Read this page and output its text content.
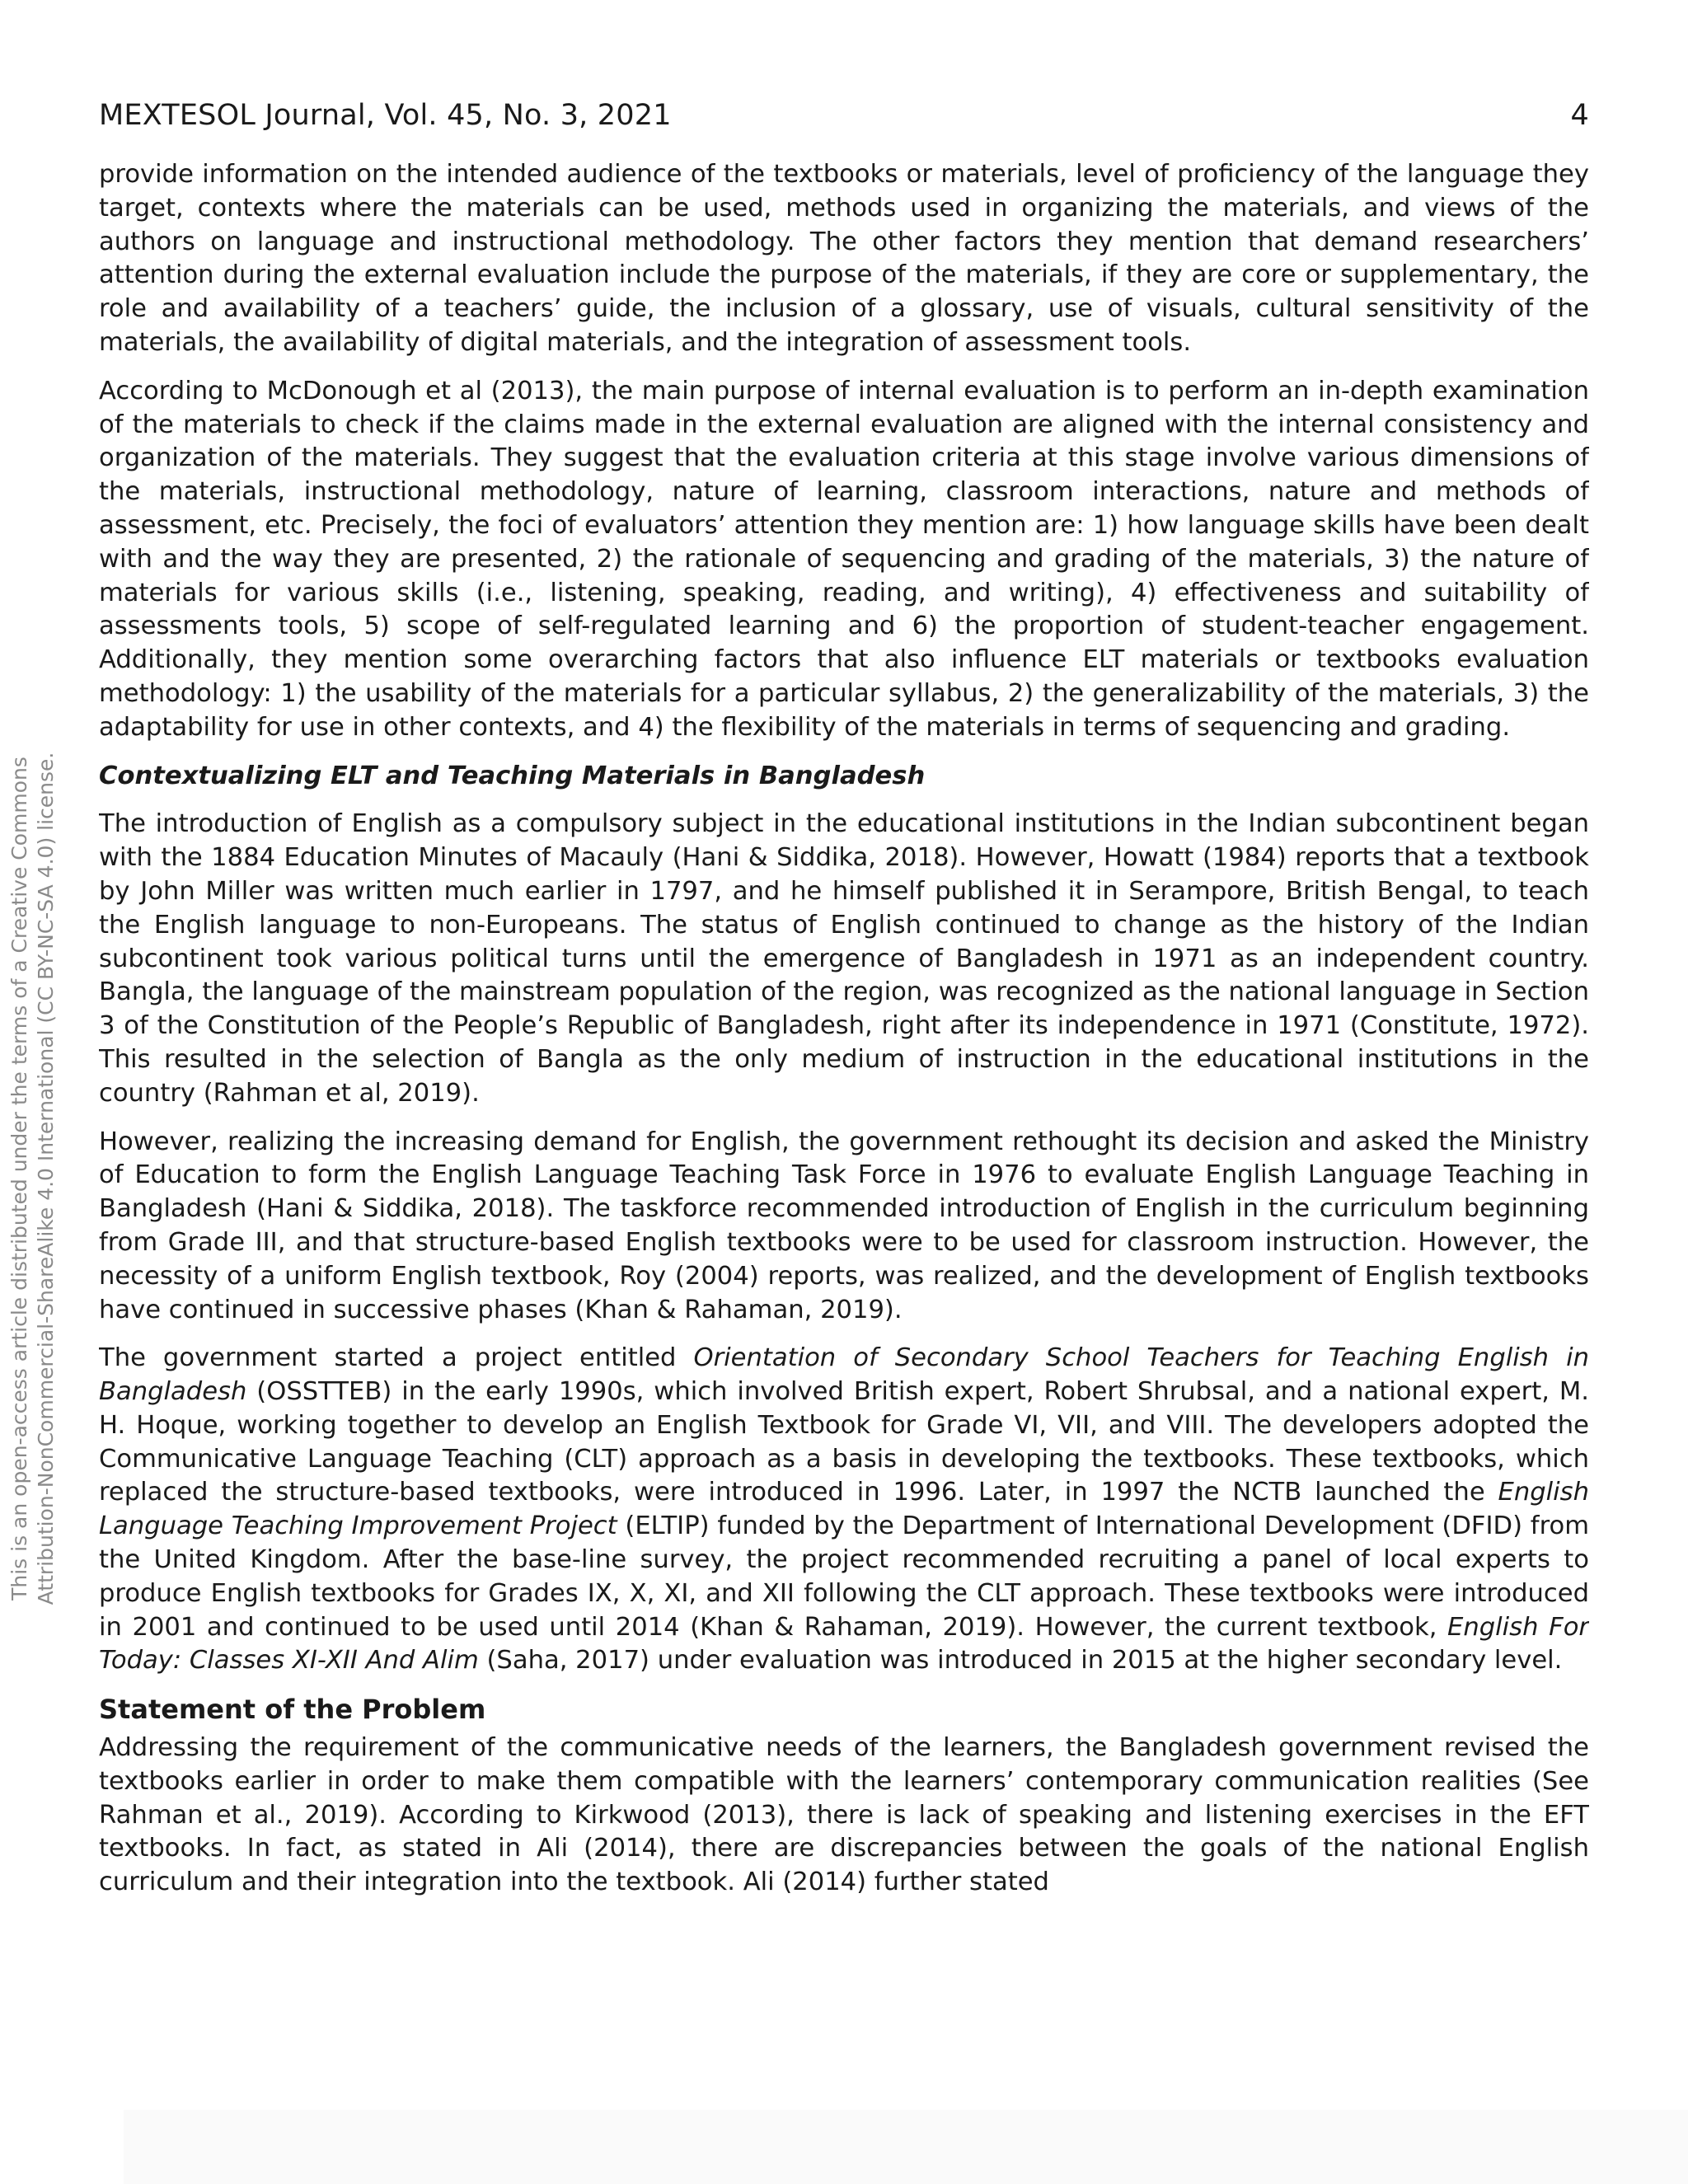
This is an open-access article distributed under the terms of a Creative Commons Attribution-NonCommercial-ShareAlike 4.0 International (CC BY-NC-SA 4.0) license.
MEXTESOL Journal, Vol. 45, No. 3, 2021	4

provide information on the intended audience of the textbooks or materials, level of proficiency of the language they target, contexts where the materials can be used, methods used in organizing the materials, and views of the authors on language and instructional methodology. The other factors they mention that demand researchers’ attention during the external evaluation include the purpose of the materials, if they are core or supplementary, the role and availability of a teachers’ guide, the inclusion of a glossary, use of visuals, cultural sensitivity of the materials, the availability of digital materials, and the integration of assessment tools.

According to McDonough et al (2013), the main purpose of internal evaluation is to perform an in-depth examination of the materials to check if the claims made in the external evaluation are aligned with the internal consistency and organization of the materials. They suggest that the evaluation criteria at this stage involve various dimensions of the materials, instructional methodology, nature of learning, classroom interactions, nature and methods of assessment, etc. Precisely, the foci of evaluators’ attention they mention are: 1) how language skills have been dealt with and the way they are presented, 2) the rationale of sequencing and grading of the materials, 3) the nature of materials for various skills (i.e., listening, speaking, reading, and writing), 4) effectiveness and suitability of assessments tools, 5) scope of self-regulated learning and 6) the proportion of student-teacher engagement. Additionally, they mention some overarching factors that also influence ELT materials or textbooks evaluation methodology: 1) the usability of the materials for a particular syllabus, 2) the generalizability of the materials, 3) the adaptability for use in other contexts, and 4) the flexibility of the materials in terms of sequencing and grading.

Contextualizing ELT and Teaching Materials in Bangladesh

The introduction of English as a compulsory subject in the educational institutions in the Indian subcontinent began with the 1884 Education Minutes of Macauly (Hani & Siddika, 2018). However, Howatt (1984) reports that a textbook by John Miller was written much earlier in 1797, and he himself published it in Serampore, British Bengal, to teach the English language to non-Europeans. The status of English continued to change as the history of the Indian subcontinent took various political turns until the emergence of Bangladesh in 1971 as an independent country. Bangla, the language of the mainstream population of the region, was recognized as the national language in Section 3 of the Constitution of the People’s Republic of Bangladesh, right after its independence in 1971 (Constitute, 1972). This resulted in the selection of Bangla as the only medium of instruction in the educational institutions in the country (Rahman et al, 2019).

However, realizing the increasing demand for English, the government rethought its decision and asked the Ministry of Education to form the English Language Teaching Task Force in 1976 to evaluate English Language Teaching in Bangladesh (Hani & Siddika, 2018). The taskforce recommended introduction of English in the curriculum beginning from Grade III, and that structure-based English textbooks were to be used for classroom instruction. However, the necessity of a uniform English textbook, Roy (2004) reports, was realized, and the development of English textbooks have continued in successive phases (Khan & Rahaman, 2019).

The government started a project entitled Orientation of Secondary School Teachers for Teaching English in Bangladesh (OSSTTEB) in the early 1990s, which involved British expert, Robert Shrubsal, and a national expert, M. H. Hoque, working together to develop an English Textbook for Grade VI, VII, and VIII. The developers adopted the Communicative Language Teaching (CLT) approach as a basis in developing the textbooks. These textbooks, which replaced the structure-based textbooks, were introduced in 1996. Later, in 1997 the NCTB launched the English Language Teaching Improvement Project (ELTIP) funded by the Department of International Development (DFID) from the United Kingdom. After the base-line survey, the project recommended recruiting a panel of local experts to produce English textbooks for Grades IX, X, XI, and XII following the CLT approach. These textbooks were introduced in 2001 and continued to be used until 2014 (Khan & Rahaman, 2019). However, the current textbook, English For Today: Classes XI-XII And Alim (Saha, 2017) under evaluation was introduced in 2015 at the higher secondary level.

Statement of the Problem

Addressing the requirement of the communicative needs of the learners, the Bangladesh government revised the textbooks earlier in order to make them compatible with the learners’ contemporary communication realities (See Rahman et al., 2019). According to Kirkwood (2013), there is lack of speaking and listening exercises in the EFT textbooks. In fact, as stated in Ali (2014), there are discrepancies between the goals of the national English curriculum and their integration into the textbook. Ali (2014) further stated
